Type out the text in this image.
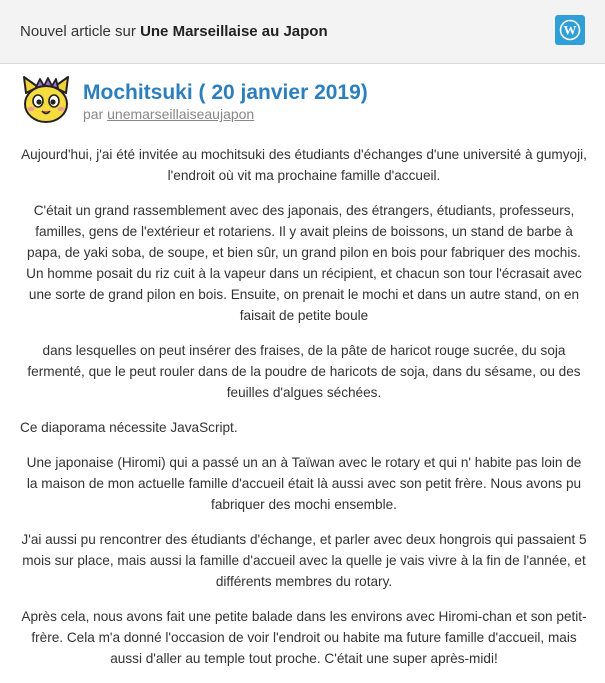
Nouvel article sur Une Marseillaise au Japon	W
Mochitsuki ( 20 janvier 2019)
par unemarseillaiseaujapon

Aujourd'hui, j'ai été invitée au mochitsuki des étudiants d'échanges d'une université à gumyoji, l'endroit où vit ma prochaine famille d'accueil.

C'était un grand rassemblement avec des japonais, des étrangers, étudiants, professeurs, familles, gens de l'extérieur et rotariens. Il y avait pleins de boissons, un stand de barbe à papa, de yaki soba, de soupe, et bien sûr, un grand pilon en bois pour fabriquer des mochis. Un homme posait du riz cuit à la vapeur dans un récipient, et chacun son tour l'écrasait avec une sorte de grand pilon en bois. Ensuite, on prenait le mochi et dans un autre stand, on en faisait de petite boule

dans lesquelles on peut insérer des fraises, de la pâte de haricot rouge sucrée, du soja fermenté, que le peut rouler dans de la poudre de haricots de soja, dans du sésame, ou des feuilles d'algues séchées.

Ce diaporama nécessite JavaScript.

Une japonaise (Hiromi) qui a passé un an à Taïwan avec le rotary et qui n' habite pas loin de la maison de mon actuelle famille d'accueil était là aussi avec son petit frère. Nous avons pu fabriquer des mochi ensemble.

J'ai aussi pu rencontrer des étudiants d'échange, et parler avec deux hongrois qui passaient 5 mois sur place, mais aussi la famille d'accueil avec la quelle je vais vivre à la fin de l'année, et différents membres du rotary.

Après cela, nous avons fait une petite balade dans les environs avec Hiromi-chan et son petit-frère. Cela m'a donné l'occasion de voir l'endroit ou habite ma future famille d'accueil, mais aussi d'aller au temple tout proche. C'était une super après-midi!
